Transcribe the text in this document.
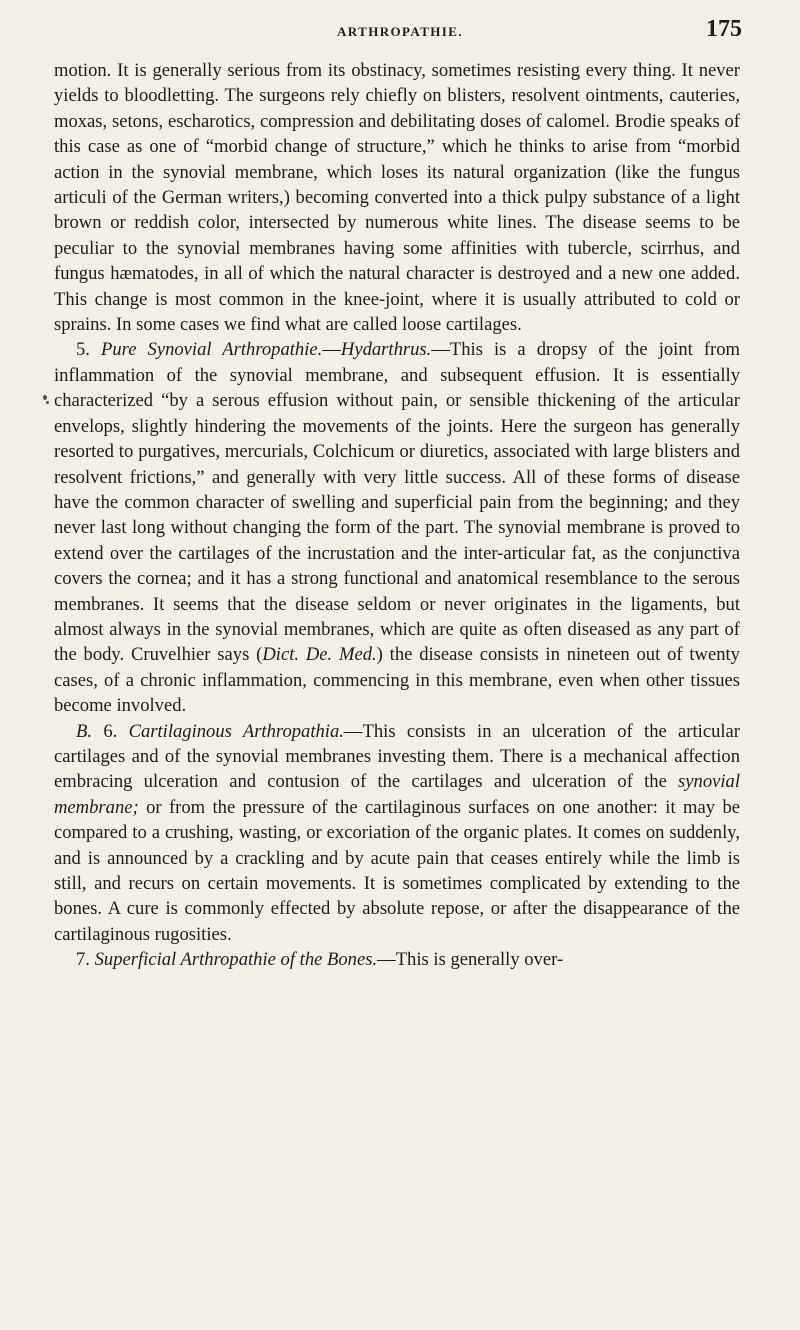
ARTHROPATHIE.	175

motion. It is generally serious from its obstinacy, sometimes resisting every thing. It never yields to bloodletting. The surgeons rely chiefly on blisters, resolvent ointments, cauteries, moxas, setons, escharotics, compression and debilitating doses of calomel. Brodie speaks of this case as one of “morbid change of structure,” which he thinks to arise from “morbid action in the synovial membrane, which loses its natural organization (like the fungus articuli of the German writers,) becoming converted into a thick pulpy substance of a light brown or reddish color, intersected by numerous white lines. The disease seems to be peculiar to the synovial membranes having some affinities with tubercle, scirrhus, and fungus hæmatodes, in all of which the natural character is destroyed and a new one added. This change is most common in the knee-joint, where it is usually attributed to cold or sprains. In some cases we find what are called loose cartilages.

5. Pure Synovial Arthropathie.—Hydarthrus.—This is a dropsy of the joint from inflammation of the synovial membrane, and subsequent effusion. It is essentially characterized “by a serous effusion without pain, or sensible thickening of the articular envelops, slightly hindering the movements of the joints. Here the surgeon has generally resorted to purgatives, mercurials, Colchicum or diuretics, associated with large blisters and resolvent frictions,” and generally with very little success. All of these forms of disease have the common character of swelling and superficial pain from the beginning; and they never last long without changing the form of the part. The synovial membrane is proved to extend over the cartilages of the incrustation and the inter-articular fat, as the conjunctiva covers the cornea; and it has a strong functional and anatomical resemblance to the serous membranes. It seems that the disease seldom or never originates in the ligaments, but almost always in the synovial membranes, which are quite as often diseased as any part of the body. Cruvelhier says (Dict. De. Med.) the disease consists in nineteen out of twenty cases, of a chronic inflammation, commencing in this membrane, even when other tissues become involved.

B. 6. Cartilaginous Arthropathia.—This consists in an ulceration of the articular cartilages and of the synovial membranes investing them. There is a mechanical affection embracing ulceration and contusion of the cartilages and ulceration of the synovial membrane; or from the pressure of the cartilaginous surfaces on one another: it may be compared to a crushing, wasting, or excoriation of the organic plates. It comes on suddenly, and is announced by a crackling and by acute pain that ceases entirely while the limb is still, and recurs on certain movements. It is sometimes complicated by extending to the bones. A cure is commonly effected by absolute repose, or after the disappearance of the cartilaginous rugosities.

7. Superficial Arthropathie of the Bones.—This is generally over-
